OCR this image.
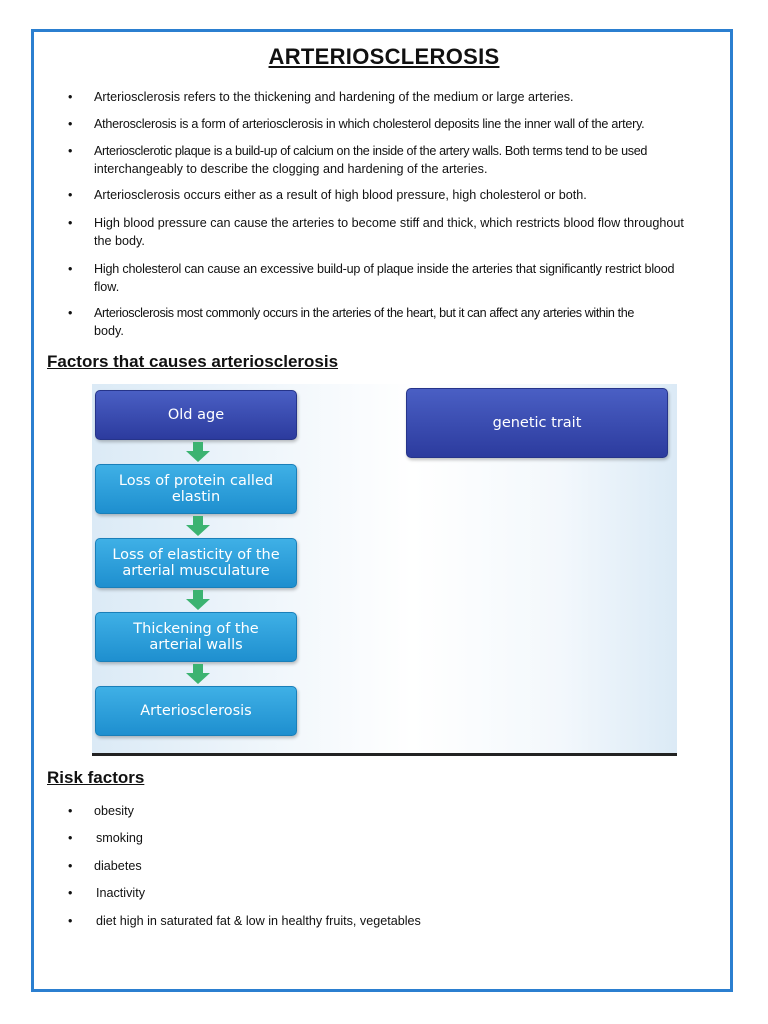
ARTERIOSCLEROSIS
•	Arteriosclerosis refers to the thickening and hardening of the medium or large arteries.
•	Atherosclerosis is a form of arteriosclerosis in which cholesterol deposits line the inner wall of the artery.
•	Arteriosclerotic plaque is a build-up of calcium on the inside of the artery walls. Both terms tend to be used
interchangeably to describe the clogging and hardening of the arteries.
•	Arteriosclerosis occurs either as a result of high blood pressure, high cholesterol or both.
•	High blood pressure can cause the arteries to become stiff and thick, which restricts blood flow throughout
the body.
•	High cholesterol can cause an excessive build-up of plaque inside the arteries that significantly restrict blood
flow.
•	Arteriosclerosis most commonly occurs in the arteries of the heart, but it can affect any arteries within the
body.
Factors that causes arteriosclerosis
Old age
Loss of protein called
elastin
Loss of elasticity of the
arterial musculature
Thickening of the
arterial walls
Arteriosclerosis
genetic trait
Risk factors
•	obesity
•	smoking
•	diabetes
•	Inactivity
•	diet high in saturated fat & low in healthy fruits, vegetables
